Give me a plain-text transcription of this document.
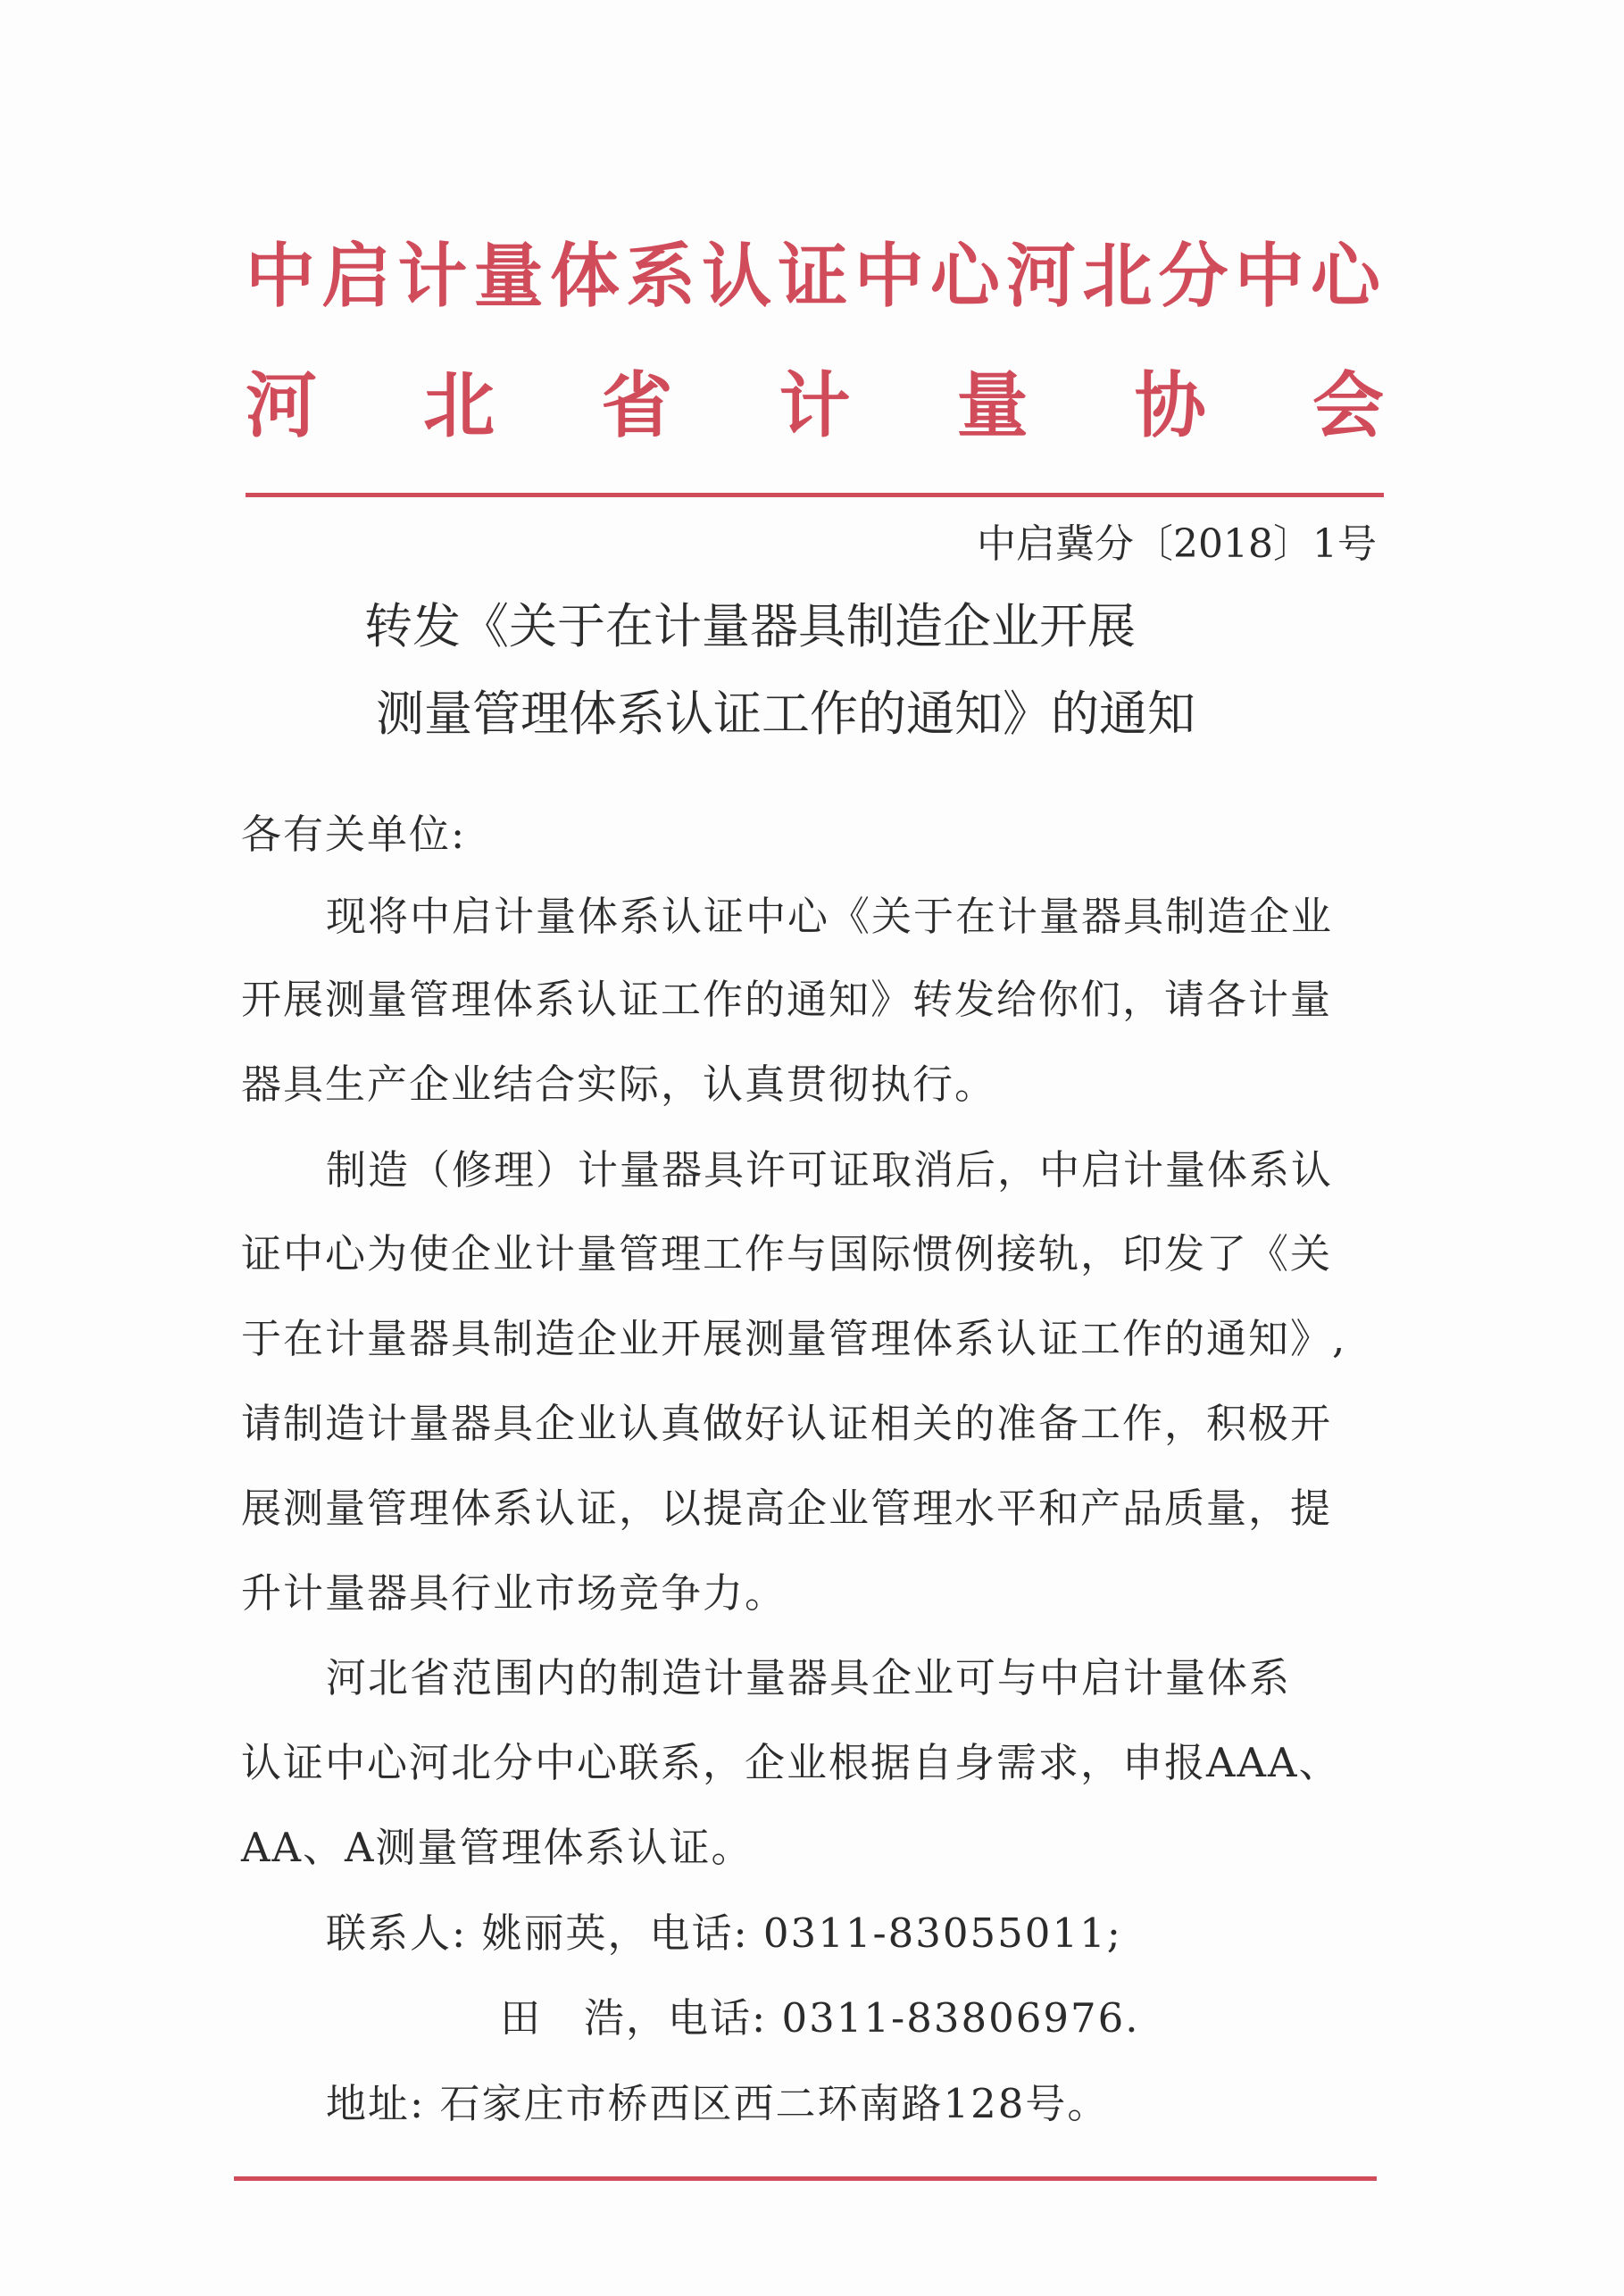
中启计量体系认证中心河北分中心
河 北 省 计 量 协 会
中启冀分〔2018〕1号
转发《关于在计量器具制造企业开展
测量管理体系认证工作的通知》的通知
各有关单位:
现将中启计量体系认证中心《关于在计量器具制造企业
开展测量管理体系认证工作的通知》转发给你们，请各计量
器具生产企业结合实际，认真贯彻执行。
制造（修理）计量器具许可证取消后，中启计量体系认
证中心为使企业计量管理工作与国际惯例接轨，印发了《关
于在计量器具制造企业开展测量管理体系认证工作的通知》,
请制造计量器具企业认真做好认证相关的准备工作，积极开
展测量管理体系认证，以提高企业管理水平和产品质量，提
升计量器具行业市场竞争力。
河北省范围内的制造计量器具企业可与中启计量体系
认证中心河北分中心联系，企业根据自身需求，申报AAA、
AA、A测量管理体系认证。
联系人: 姚丽英，电话: 0311-83055011;
田　浩，电话: 0311-83806976.
地址: 石家庄市桥西区西二环南路128号。
